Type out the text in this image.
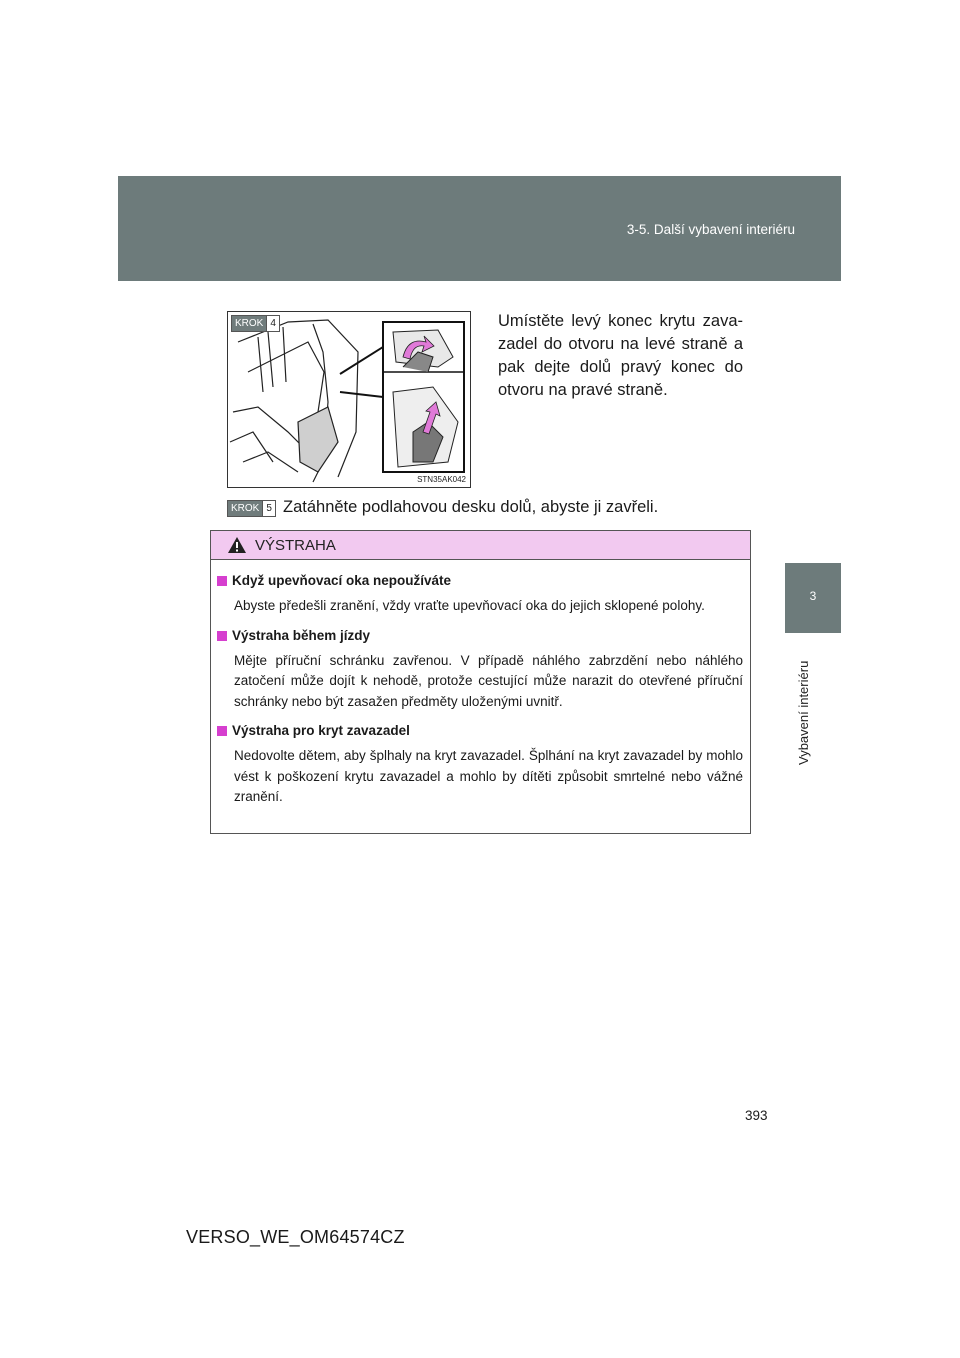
3-5. Další vybavení interiéru
3
Vybavení interiéru
KROK 4
STN35AK042
Umístěte levý konec krytu zavazadel do otvoru na levé straně a pak dejte dolů pravý konec do otvoru na pravé straně.
KROK 5 Zatáhněte podlahovou desku dolů, abyste ji zavřeli.
VÝSTRAHA
Když upevňovací oka nepoužíváte
Abyste předešli zranění, vždy vraťte upevňovací oka do jejich sklopené polohy.
Výstraha během jízdy
Mějte příruční schránku zavřenou. V případě náhlého zabrzdění nebo náhlého zatočení může dojít k nehodě, protože cestující může narazit do otevřené příruční schránky nebo být zasažen předměty uloženými uvnitř.
Výstraha pro kryt zavazadel
Nedovolte dětem, aby šplhaly na kryt zavazadel. Šplhání na kryt zavazadel by mohlo vést k poškození krytu zavazadel a mohlo by dítěti způsobit smrtelné nebo vážné zranění.
393
VERSO_WE_OM64574CZ
